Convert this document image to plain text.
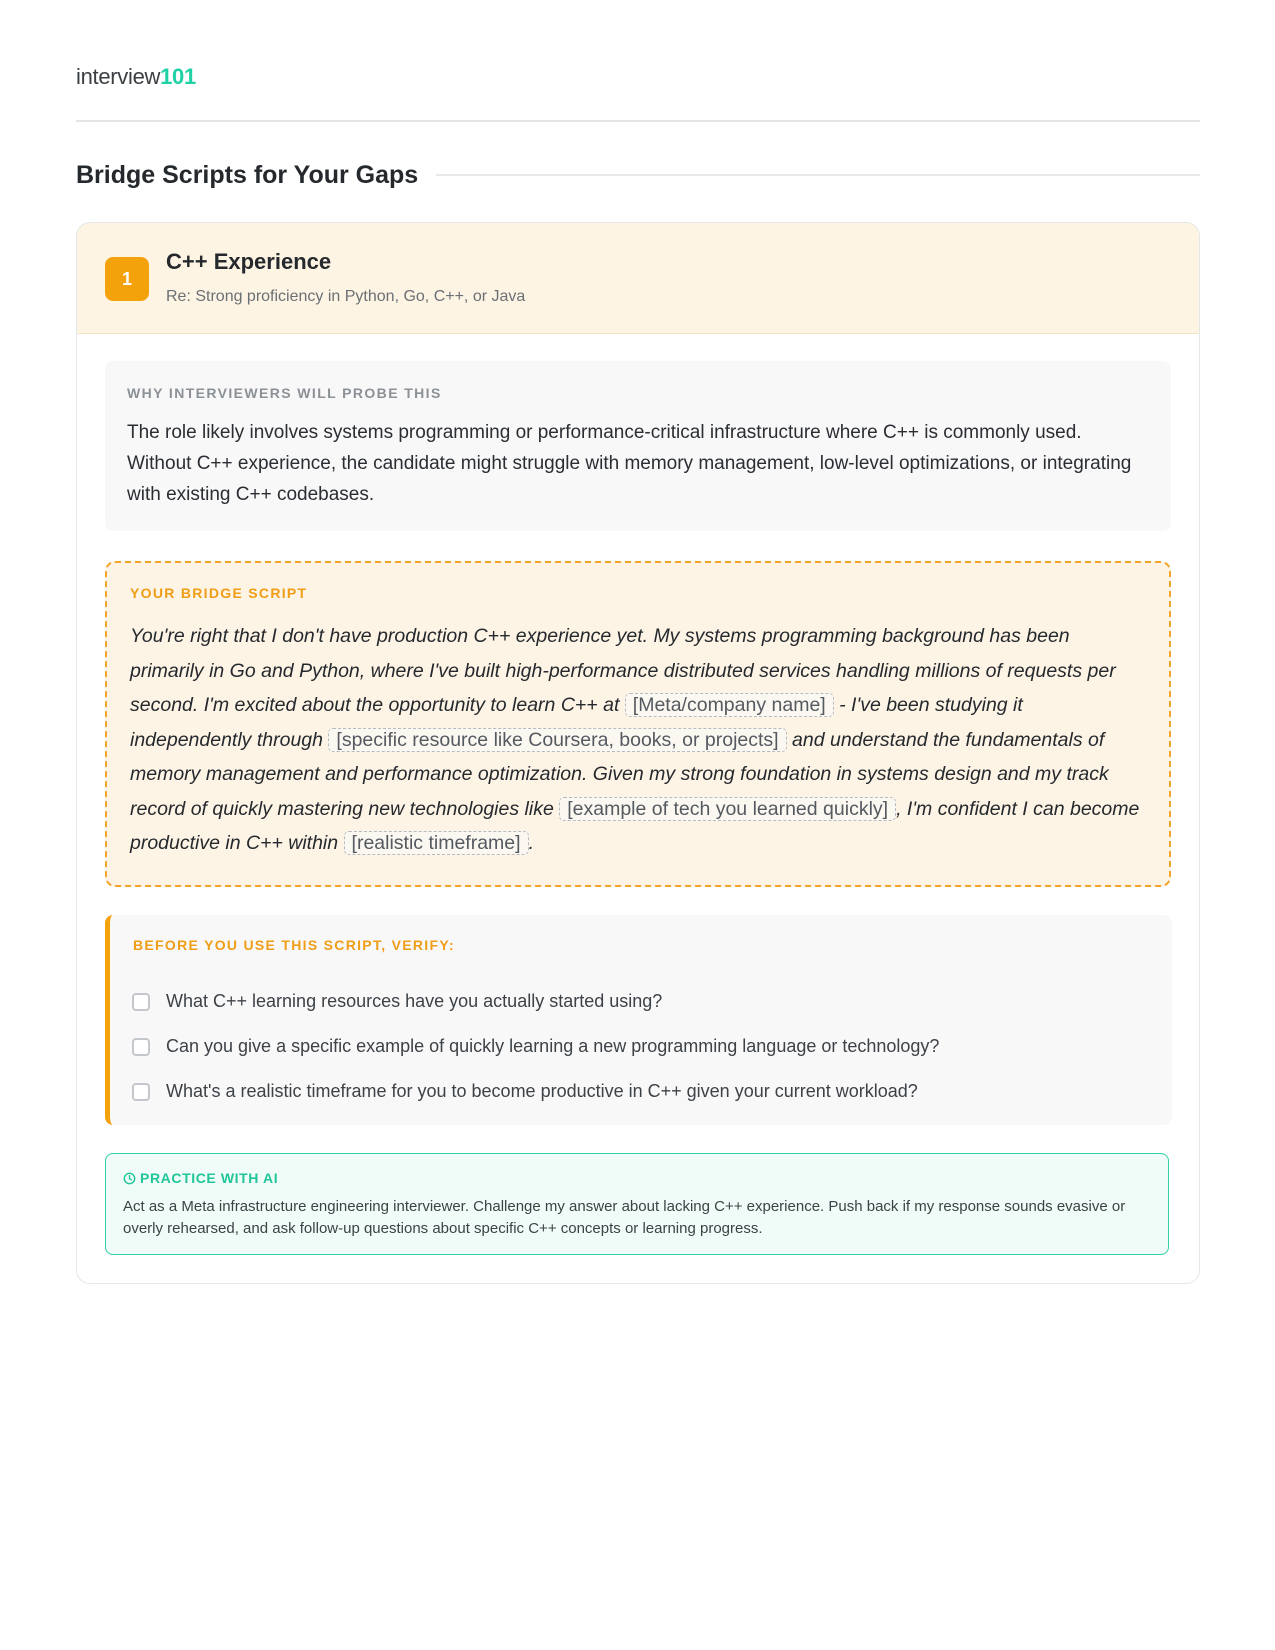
interview101
Bridge Scripts for Your Gaps
1
C++ Experience
Re: Strong proficiency in Python, Go, C++, or Java
WHY INTERVIEWERS WILL PROBE THIS
The role likely involves systems programming or performance-critical infrastructure where C++ is commonly used. Without C++ experience, the candidate might struggle with memory management, low-level optimizations, or integrating with existing C++ codebases.
YOUR BRIDGE SCRIPT
You're right that I don't have production C++ experience yet. My systems programming background has been primarily in Go and Python, where I've built high-performance distributed services handling millions of requests per second. I'm excited about the opportunity to learn C++ at [Meta/company name] - I've been studying it independently through [specific resource like Coursera, books, or projects] and understand the fundamentals of memory management and performance optimization. Given my strong foundation in systems design and my track record of quickly mastering new technologies like [example of tech you learned quickly] , I'm confident I can become productive in C++ within [realistic timeframe] .
BEFORE YOU USE THIS SCRIPT, VERIFY:
What C++ learning resources have you actually started using?
Can you give a specific example of quickly learning a new programming language or technology?
What's a realistic timeframe for you to become productive in C++ given your current workload?
PRACTICE WITH AI
Act as a Meta infrastructure engineering interviewer. Challenge my answer about lacking C++ experience. Push back if my response sounds evasive or overly rehearsed, and ask follow-up questions about specific C++ concepts or learning progress.
